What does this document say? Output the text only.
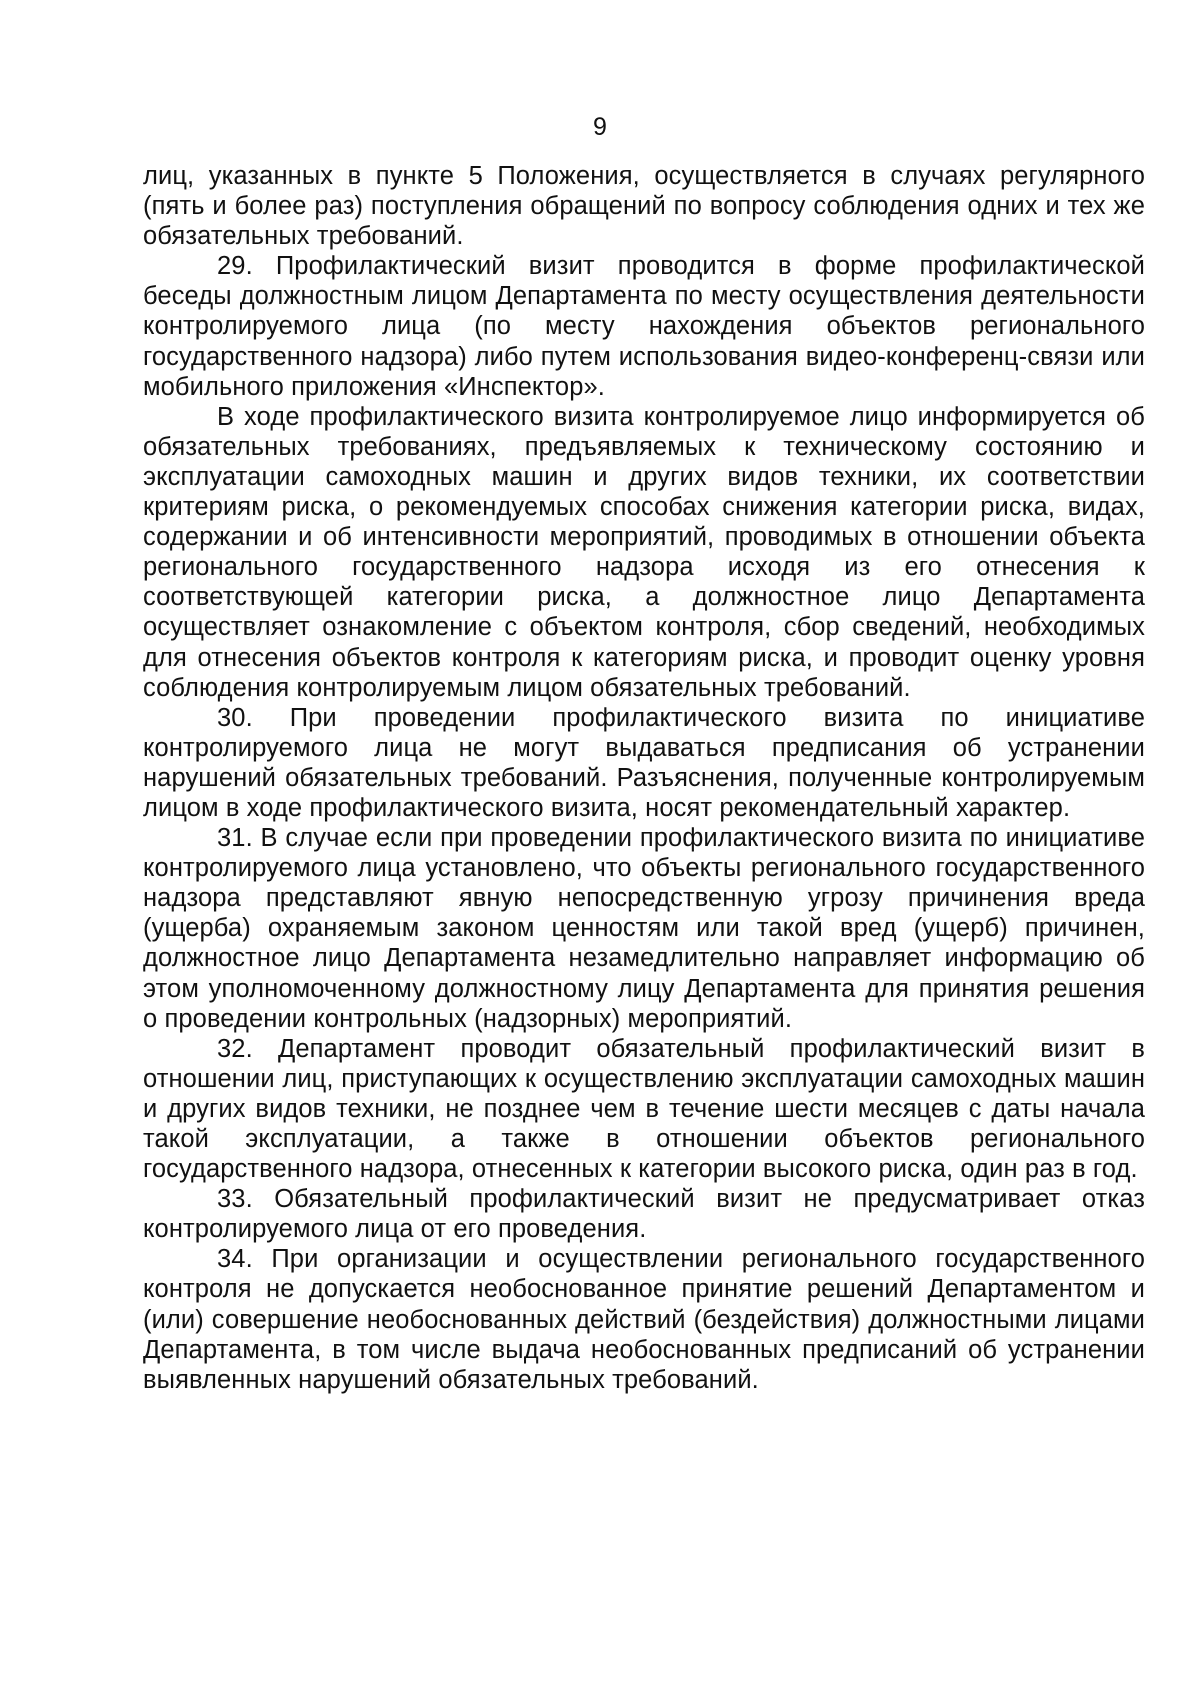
9

лиц, указанных в пункте 5 Положения, осуществляется в случаях регулярного (пять и более раз) поступления обращений по вопросу соблюдения одних и тех же обязательных требований.

29. Профилактический визит проводится в форме профилактической беседы должностным лицом Департамента по месту осуществления деятельности контролируемого лица (по месту нахождения объектов регионального государственного надзора) либо путем использования видео-конференц-связи или мобильного приложения «Инспектор».

В ходе профилактического визита контролируемое лицо информируется об обязательных требованиях, предъявляемых к техническому состоянию и эксплуатации самоходных машин и других видов техники, их соответствии критериям риска, о рекомендуемых способах снижения категории риска, видах, содержании и об интенсивности мероприятий, проводимых в отношении объекта регионального государственного надзора исходя из его отнесения к соответствующей категории риска, а должностное лицо Департамента осуществляет ознакомление с объектом контроля, сбор сведений, необходимых для отнесения объектов контроля к категориям риска, и проводит оценку уровня соблюдения контролируемым лицом обязательных требований.

30. При проведении профилактического визита по инициативе контролируемого лица не могут выдаваться предписания об устранении нарушений обязательных требований. Разъяснения, полученные контролируемым лицом в ходе профилактического визита, носят рекомендательный характер.

31. В случае если при проведении профилактического визита по инициативе контролируемого лица установлено, что объекты регионального государственного надзора представляют явную непосредственную угрозу причинения вреда (ущерба) охраняемым законом ценностям или такой вред (ущерб) причинен, должностное лицо Департамента незамедлительно направляет информацию об этом уполномоченному должностному лицу Департамента для принятия решения о проведении контрольных (надзорных) мероприятий.

32. Департамент проводит обязательный профилактический визит в отношении лиц, приступающих к осуществлению эксплуатации самоходных машин и других видов техники, не позднее чем в течение шести месяцев с даты начала такой эксплуатации, а также в отношении объектов регионального государственного надзора, отнесенных к категории высокого риска, один раз в год.

33. Обязательный профилактический визит не предусматривает отказ контролируемого лица от его проведения.

34. При организации и осуществлении регионального государственного контроля не допускается необоснованное принятие решений Департаментом и (или) совершение необоснованных действий (бездействия) должностными лицами Департамента, в том числе выдача необоснованных предписаний об устранении выявленных нарушений обязательных требований.
